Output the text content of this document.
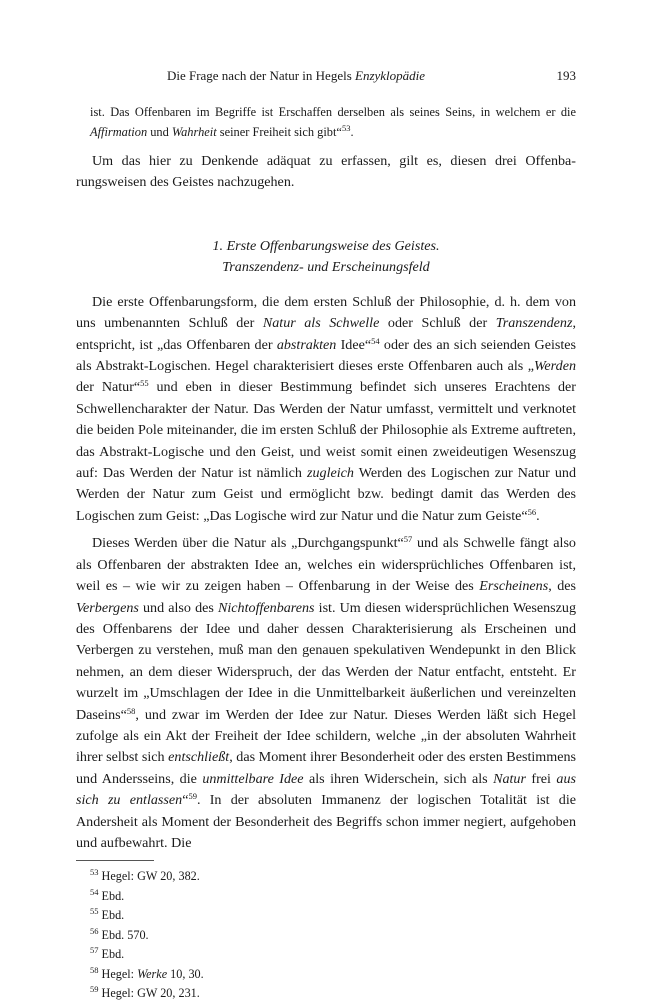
Die Frage nach der Natur in Hegels Enzyklopädie	193
ist. Das Offenbaren im Begriffe ist Erschaffen derselben als seines Seins, in welchem er die Affirmation und Wahrheit seiner Freiheit sich gibt“$^{53}$.

Um das hier zu Denkende adäquat zu erfassen, gilt es, diesen drei Offenbarungsweisen des Geistes nachzugehen.

1. Erste Offenbarungsweise des Geistes.
Transzendenz- und Erscheinungsfeld

Die erste Offenbarungsform, die dem ersten Schluß der Philosophie, d. h. dem von uns umbenannten Schluß der Natur als Schwelle oder Schluß der Transzendenz, entspricht, ist „das Offenbaren der abstrakten Idee“$^{54}$ oder des an sich seienden Geistes als Abstrakt-Logischen. Hegel charakterisiert dieses erste Offenbaren auch als „Werden der Natur“$^{55}$ und eben in dieser Bestimmung befindet sich unseres Erachtens der Schwellencharakter der Natur. Das Werden der Natur umfasst, vermittelt und verknotet die beiden Pole miteinander, die im ersten Schluß der Philosophie als Extreme auftreten, das Abstrakt-Logische und den Geist, und weist somit einen zweideutigen Wesenszug auf: Das Werden der Natur ist nämlich zugleich Werden des Logischen zur Natur und Werden der Natur zum Geist und ermöglicht bzw. bedingt damit das Werden des Logischen zum Geist: „Das Logische wird zur Natur und die Natur zum Geiste“$^{56}$.

Dieses Werden über die Natur als „Durchgangspunkt“$^{57}$ und als Schwelle fängt also als Offenbaren der abstrakten Idee an, welches ein widersprüchliches Offenbaren ist, weil es – wie wir zu zeigen haben – Offenbarung in der Weise des Erscheinens, des Verbergens und also des Nichtoffenbarens ist. Um diesen widersprüchlichen Wesenszug des Offenbarens der Idee und daher dessen Charakterisierung als Erscheinen und Verbergen zu verstehen, muß man den genauen spekulativen Wendepunkt in den Blick nehmen, an dem dieser Widerspruch, der das Werden der Natur entfacht, entsteht. Er wurzelt im „Umschlagen der Idee in die Unmittelbarkeit äußerlichen und vereinzelten Daseins“$^{58}$, und zwar im Werden der Idee zur Natur. Dieses Werden läßt sich Hegel zufolge als ein Akt der Freiheit der Idee schildern, welche „in der absoluten Wahrheit ihrer selbst sich entschließt, das Moment ihrer Besonderheit oder des ersten Bestimmens und Andersseins, die unmittelbare Idee als ihren Widerschein, sich als Natur frei aus sich zu entlassen“$^{59}$. In der absoluten Immanenz der logischen Totalität ist die Andersheit als Moment der Besonderheit des Begriffs schon immer negiert, aufgehoben und aufbewahrt. Die

$^{53}$ Hegel: GW 20, 382.
$^{54}$ Ebd.
$^{55}$ Ebd.
$^{56}$ Ebd. 570.
$^{57}$ Ebd.
$^{58}$ Hegel: Werke 10, 30.
$^{59}$ Hegel: GW 20, 231.
